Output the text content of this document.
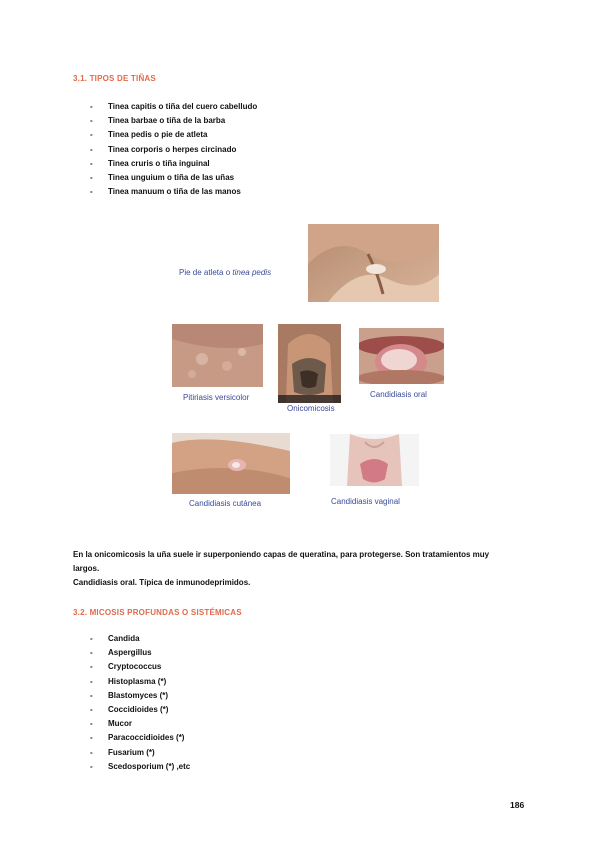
3.1. TIPOS DE TIÑAS
- Tinea capitis o tiña del cuero cabelludo
- Tinea barbae o tiña de la barba
- Tinea pedis o pie de atleta
- Tinea corporis o herpes circinado
- Tinea cruris o tiña inguinal
- Tinea unguium o tiña de las uñas
- Tinea manuum o tiña de las manos
Pie de atleta o tinea pedis
Pitiriasis versicolor
Onicomicosis
Candidiasis oral
Candidiasis cutánea	Candidiasis vaginal
En la onicomicosis la uña suele ir superponiendo capas de queratina, para protegerse. Son tratamientos muy
largos.
Candidiasis oral. Típica de inmunodeprimidos.
3.2. MICOSIS PROFUNDAS O SISTÉMICAS
- Candida
- Aspergillus
- Cryptococcus
- Histoplasma (*)
- Blastomyces (*)
- Coccidioides (*)
- Mucor
- Paracoccidioides (*)
- Fusarium (*)
- Scedosporium (*) ,etc
186
